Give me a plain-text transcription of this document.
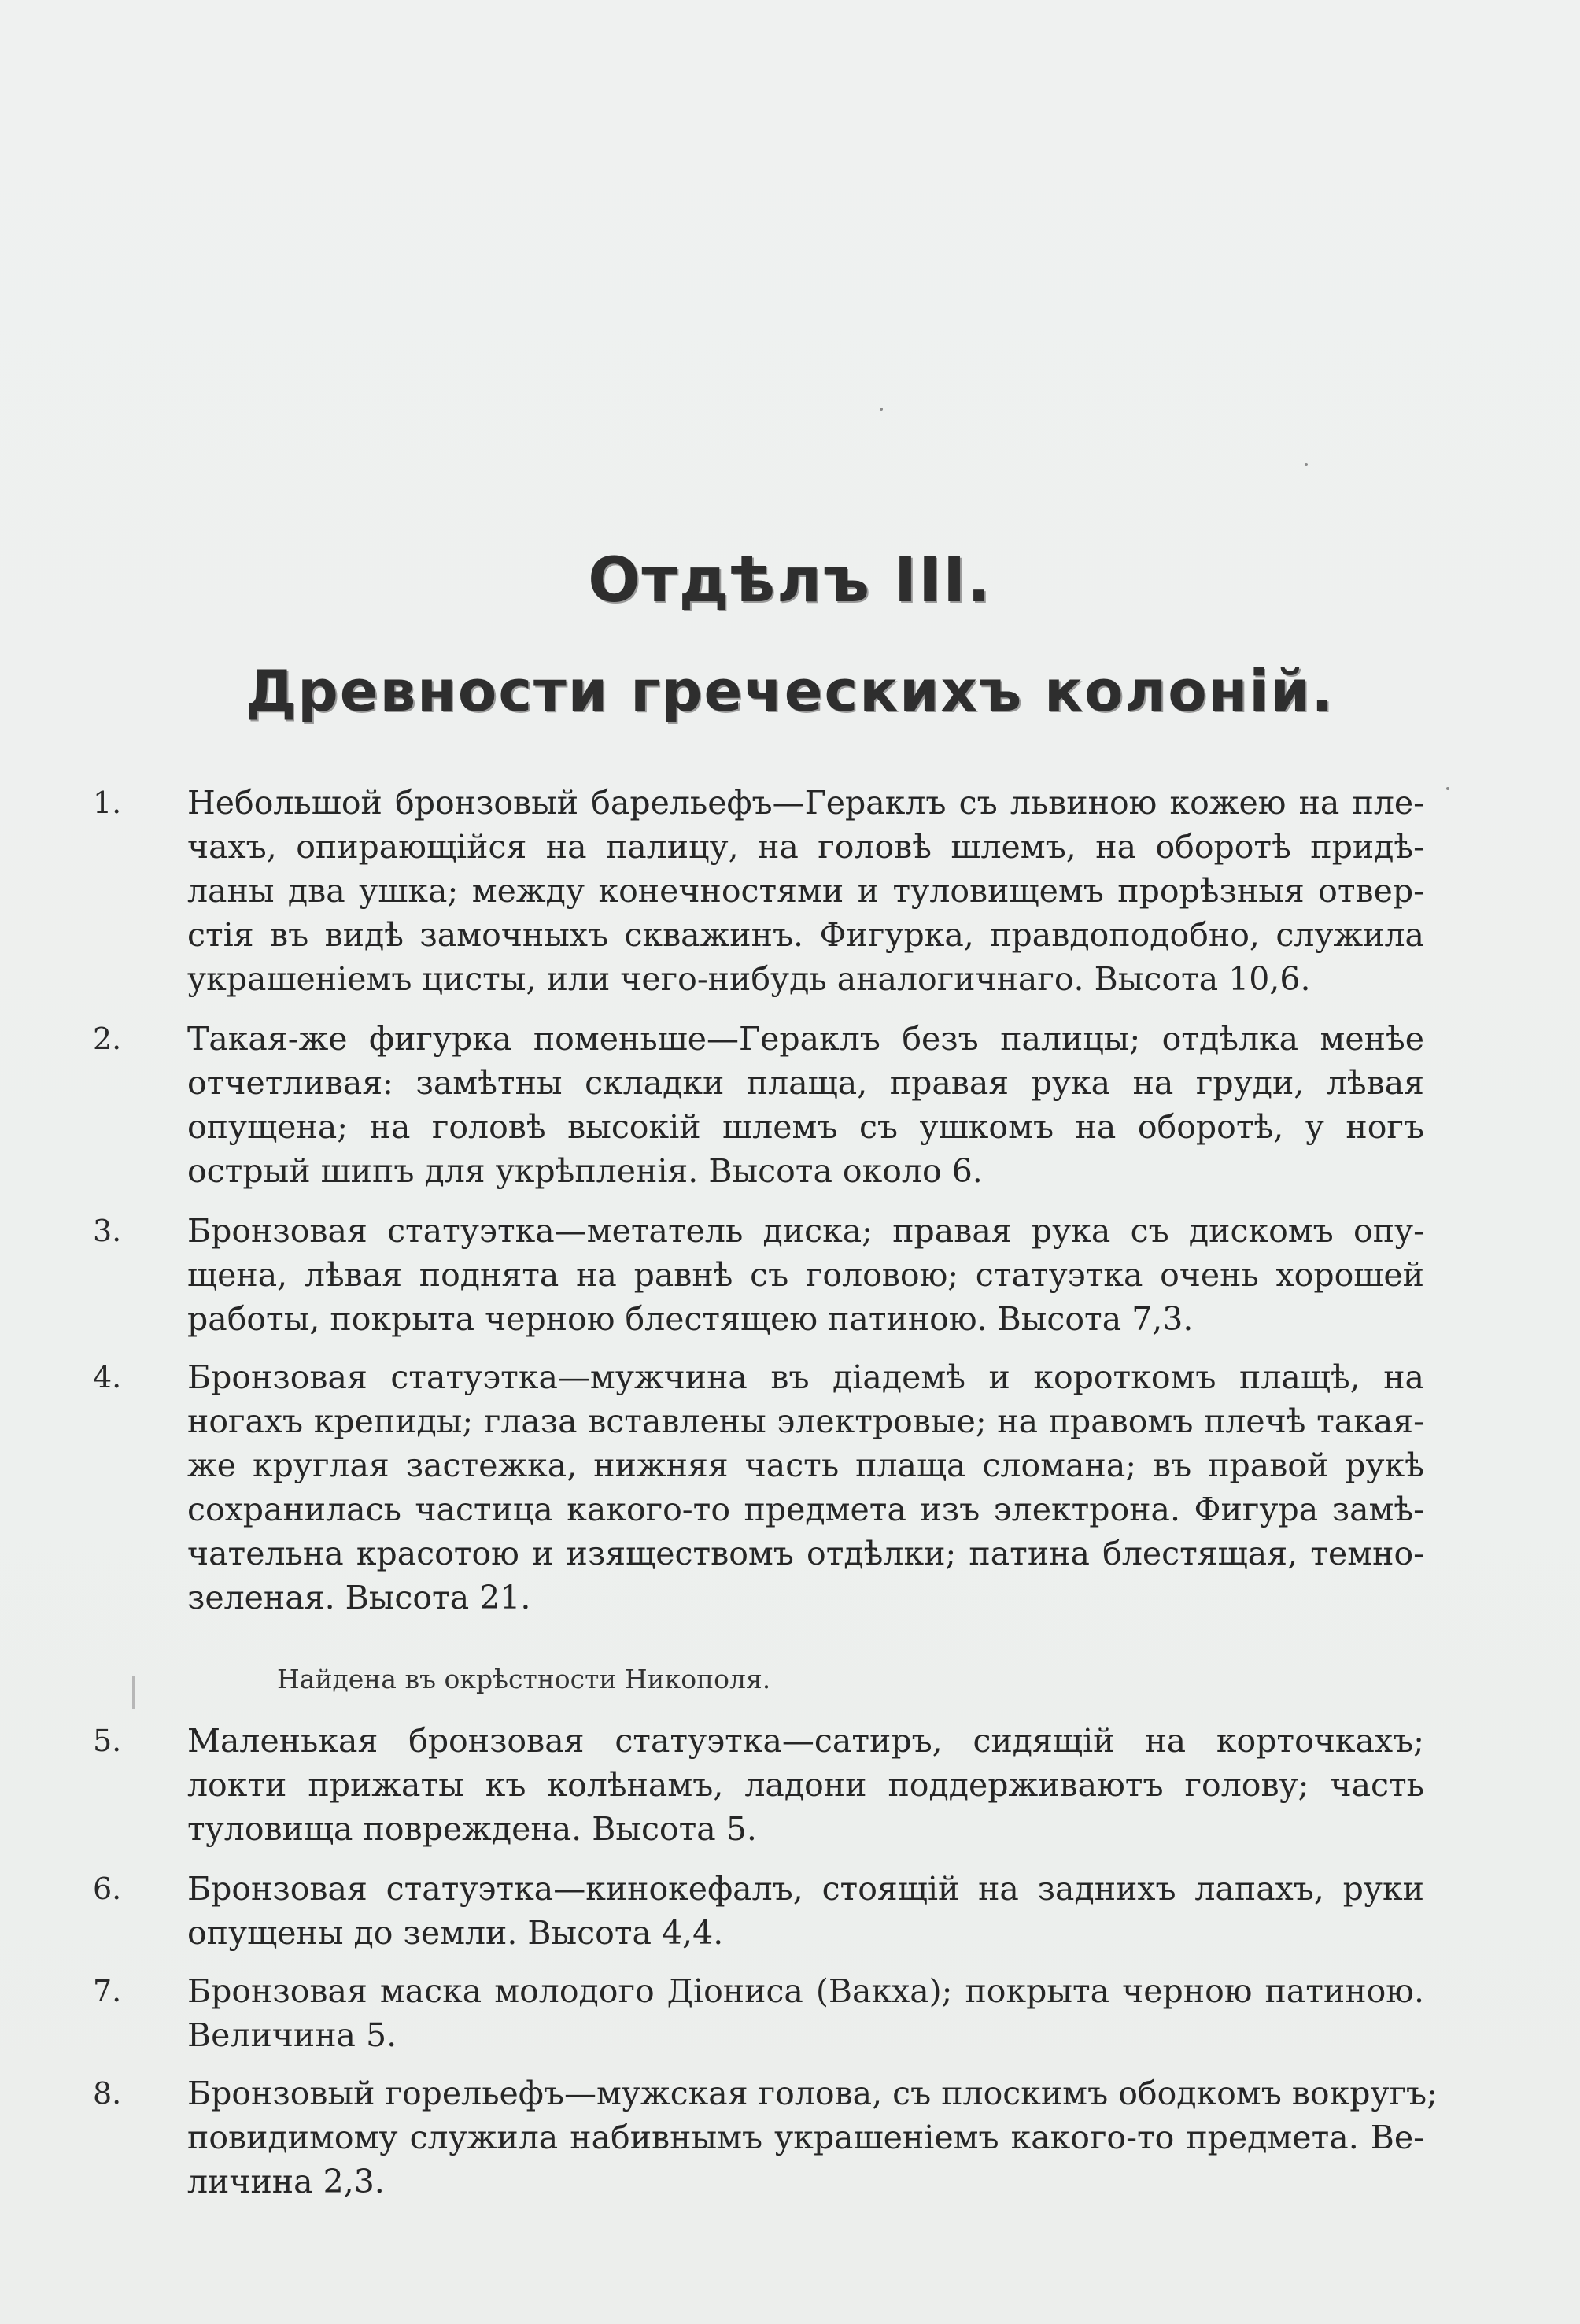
Отдѣлъ III.
Древности греческихъ колоній.
1.	Небольшой бронзовый барельефъ—Гераклъ съ львиною кожею на пле-
чахъ, опирающійся на палицу, на головѣ шлемъ, на оборотѣ придѣ-
ланы два ушка; между конечностями и туловищемъ прорѣзныя отвер-
стія въ видѣ замочныхъ скважинъ. Фигурка, правдоподобно, служила
украшеніемъ цисты, или чего-нибудь аналогичнаго. Высота 10,6.
2.	Такая-же фигурка поменьше—Гераклъ безъ палицы; отдѣлка менѣе
отчетливая: замѣтны складки плаща, правая рука на груди, лѣвая
опущена; на головѣ высокій шлемъ съ ушкомъ на оборотѣ, у ногъ
острый шипъ для укрѣпленія. Высота около 6.
3.	Бронзовая статуэтка—метатель диска; правая рука съ дискомъ опу-
щена, лѣвая поднята на равнѣ съ головою; статуэтка очень хорошей
работы, покрыта черною блестящею патиною. Высота 7,3.
4.	Бронзовая статуэтка—мужчина въ діадемѣ и короткомъ плащѣ, на
ногахъ крепиды; глаза вставлены электровые; на правомъ плечѣ такая-
же круглая застежка, нижняя часть плаща сломана; въ правой рукѣ
сохранилась частица какого-то предмета изъ электрона. Фигура замѣ-
чательна красотою и изяществомъ отдѣлки; патина блестящая, темно-
зеленая. Высота 21.
Найдена въ окрѣстности Никополя.
5.	Маленькая бронзовая статуэтка—сатиръ, сидящій на корточкахъ;
локти прижаты къ колѣнамъ, ладони поддерживаютъ голову; часть
туловища повреждена. Высота 5.
6.	Бронзовая статуэтка—кинокефалъ, стоящій на заднихъ лапахъ, руки
опущены до земли. Высота 4,4.
7.	Бронзовая маска молодого Діониса (Вакха); покрыта черною патиною.
Величина 5.
8.	Бронзовый горельефъ—мужская голова, съ плоскимъ ободкомъ вокругъ;
повидимому служила набивнымъ украшеніемъ какого-то предмета. Ве-
личина 2,3.
